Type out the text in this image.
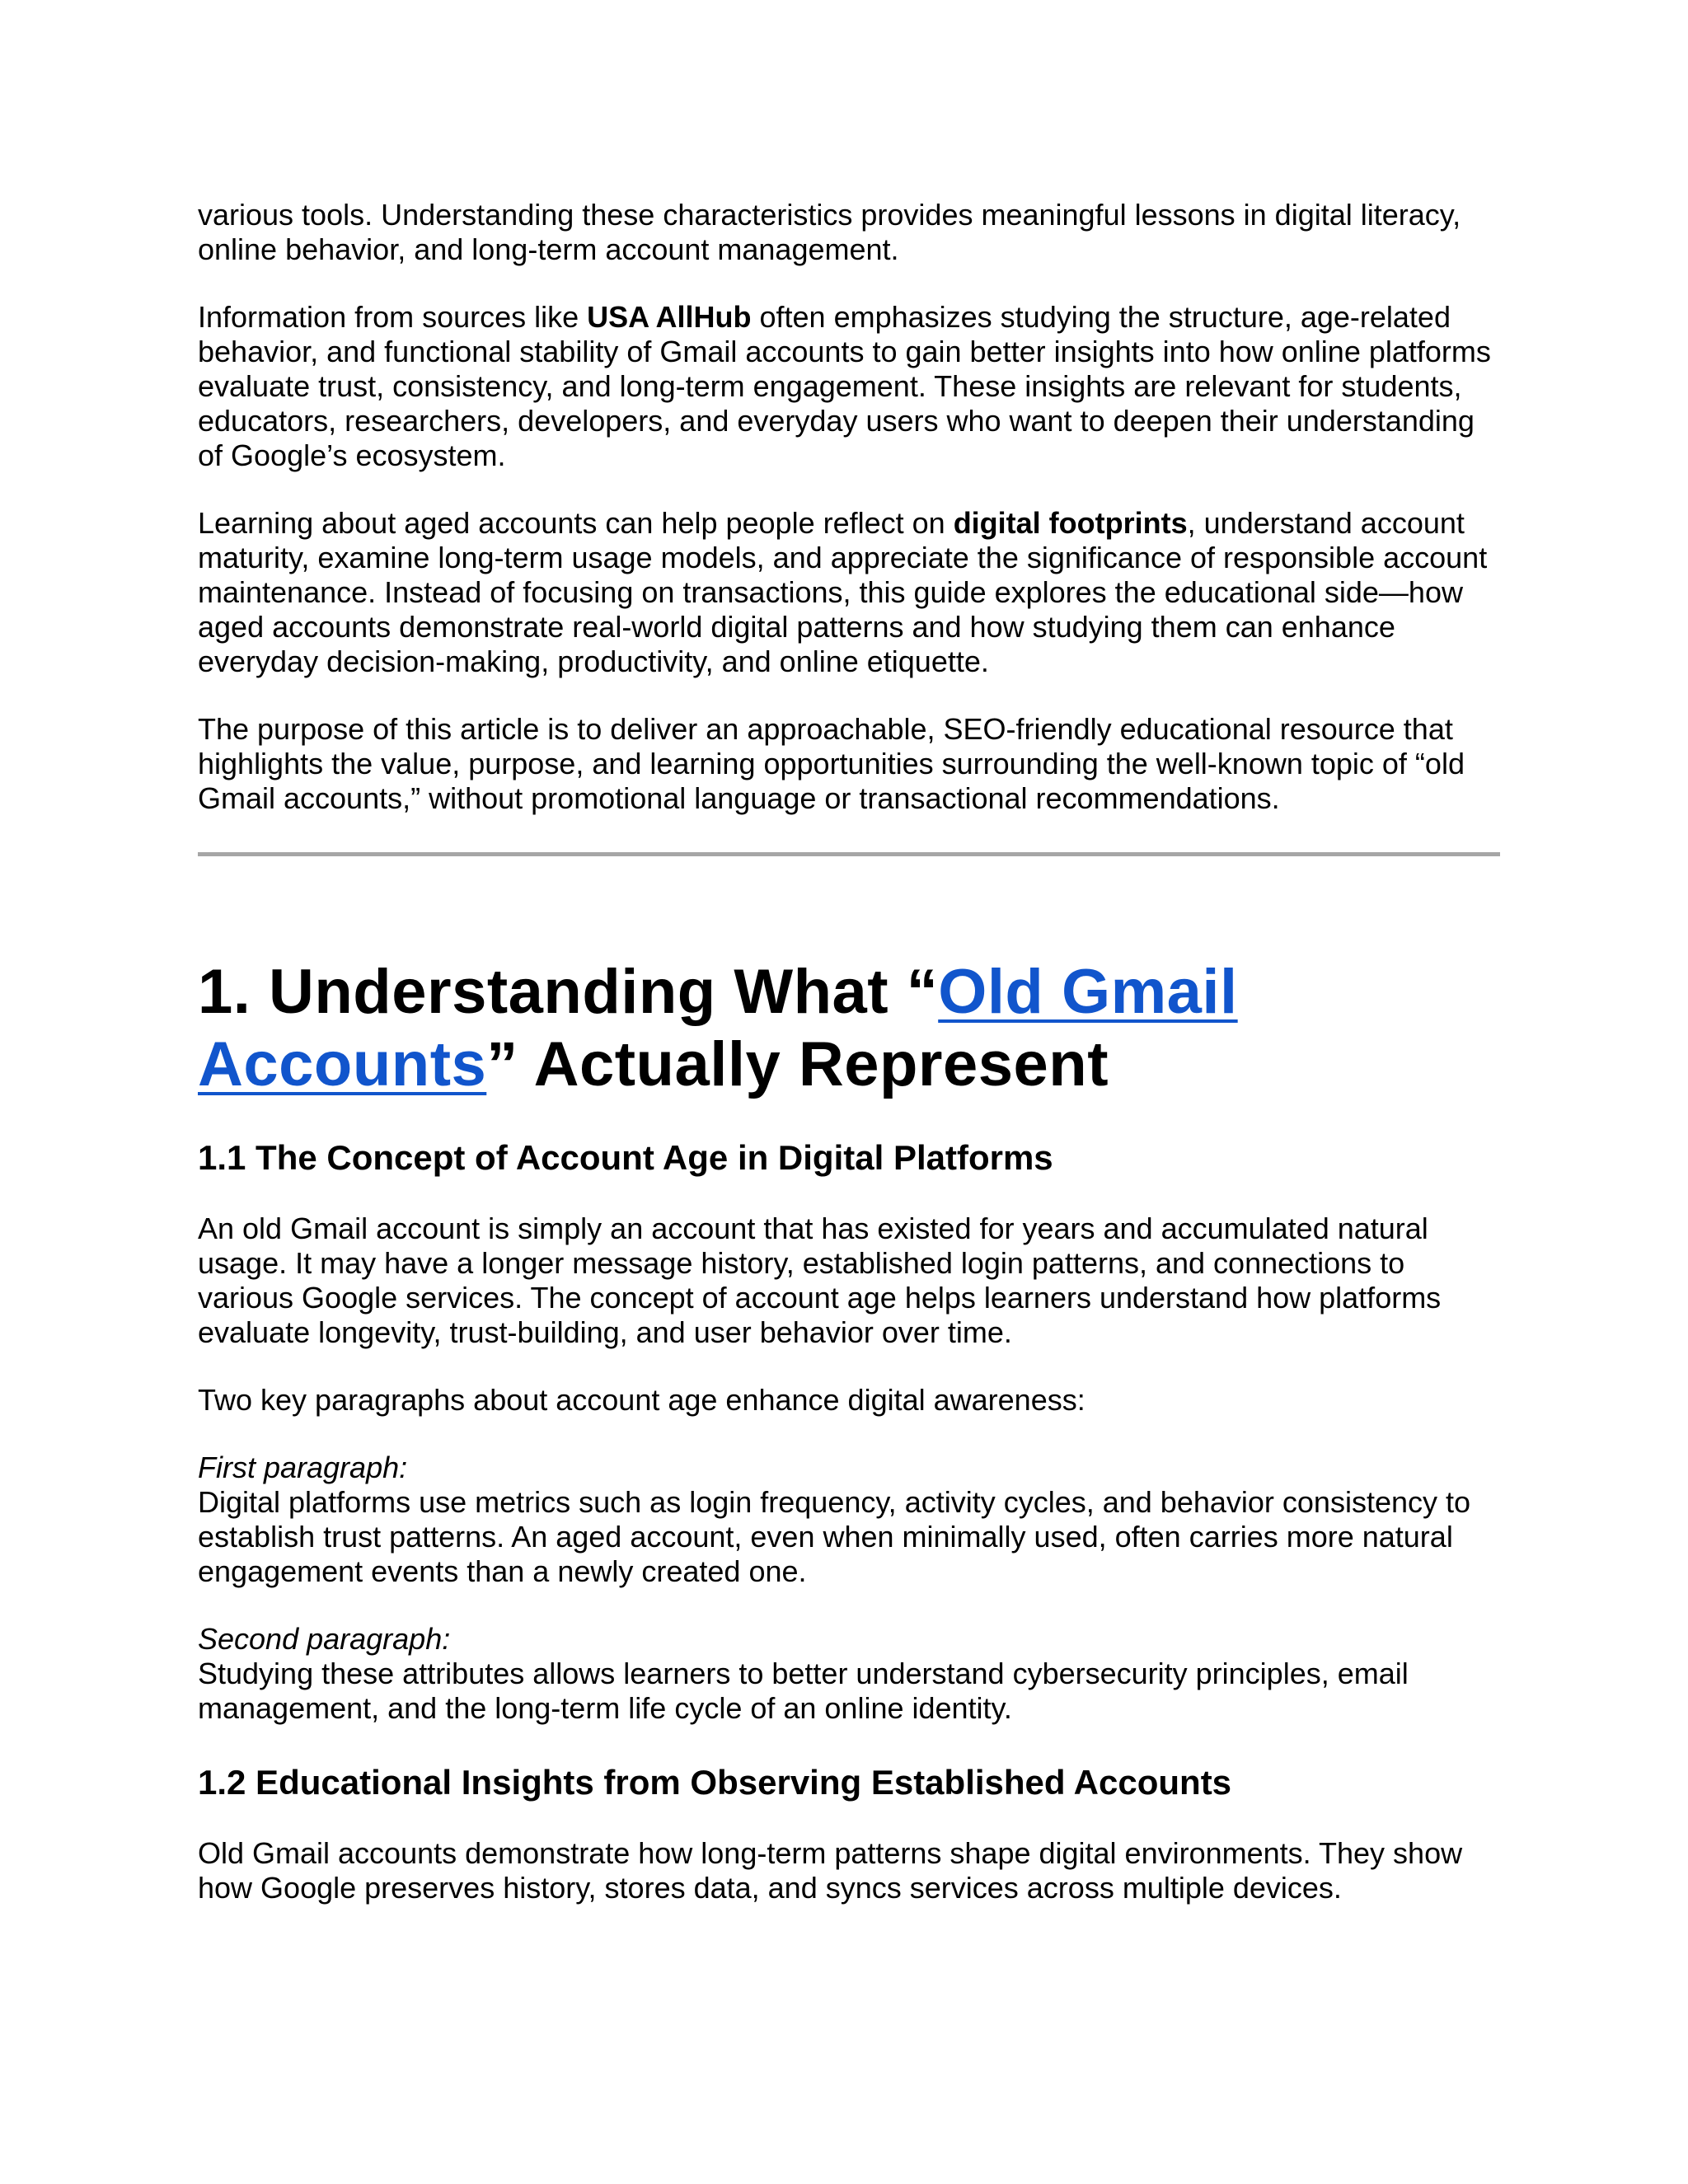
various tools. Understanding these characteristics provides meaningful lessons in digital literacy, online behavior, and long-term account management.

Information from sources like USA AllHub often emphasizes studying the structure, age-related behavior, and functional stability of Gmail accounts to gain better insights into how online platforms evaluate trust, consistency, and long-term engagement. These insights are relevant for students, educators, researchers, developers, and everyday users who want to deepen their understanding of Google’s ecosystem.

Learning about aged accounts can help people reflect on digital footprints, understand account maturity, examine long-term usage models, and appreciate the significance of responsible account maintenance. Instead of focusing on transactions, this guide explores the educational side—how aged accounts demonstrate real-world digital patterns and how studying them can enhance everyday decision-making, productivity, and online etiquette.

The purpose of this article is to deliver an approachable, SEO-friendly educational resource that highlights the value, purpose, and learning opportunities surrounding the well-known topic of “old Gmail accounts,” without promotional language or transactional recommendations.

1. Understanding What “Old Gmail
Accounts” Actually Represent
1.1 The Concept of Account Age in Digital Platforms

An old Gmail account is simply an account that has existed for years and accumulated natural usage. It may have a longer message history, established login patterns, and connections to various Google services. The concept of account age helps learners understand how platforms evaluate longevity, trust-building, and user behavior over time.

Two key paragraphs about account age enhance digital awareness:

First paragraph:
Digital platforms use metrics such as login frequency, activity cycles, and behavior consistency to establish trust patterns. An aged account, even when minimally used, often carries more natural engagement events than a newly created one.

Second paragraph:
Studying these attributes allows learners to better understand cybersecurity principles, email management, and the long-term life cycle of an online identity.

1.2 Educational Insights from Observing Established Accounts

Old Gmail accounts demonstrate how long-term patterns shape digital environments. They show how Google preserves history, stores data, and syncs services across multiple devices.
